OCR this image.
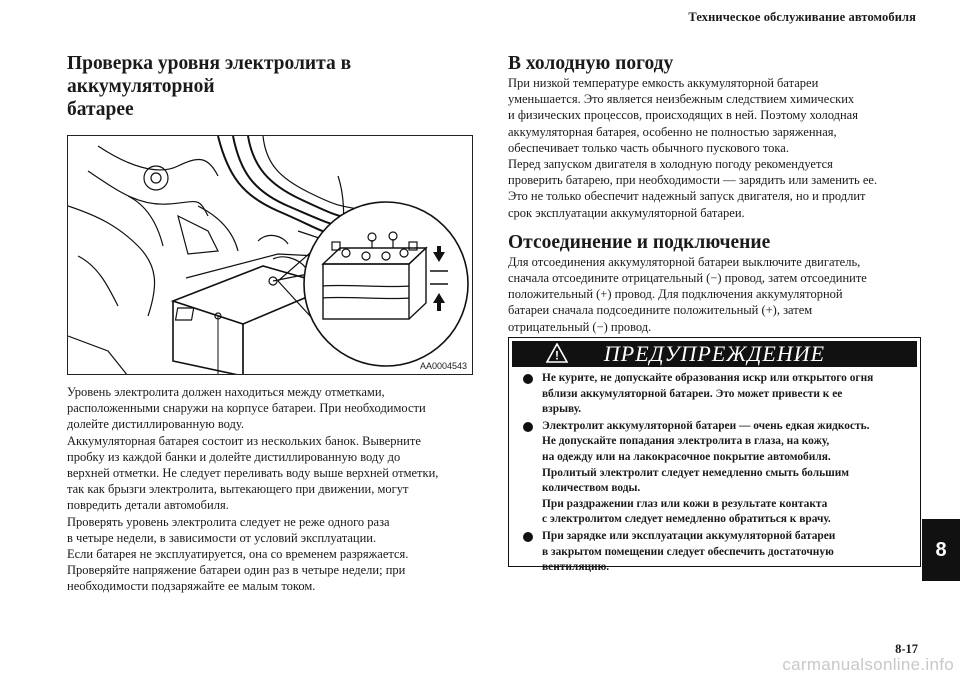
Техническое обслуживание автомобиля
Проверка уровня электролита в аккумуляторной
батарее
AA0004543

Уровень электролита должен находиться между отметками,
расположенными снаружи на корпусе батареи. При необходимости
долейте дистиллированную воду.
Аккумуляторная батарея состоит из нескольких банок. Выверните
пробку из каждой банки и долейте дистиллированную воду до
верхней отметки. Не следует переливать воду выше верхней отметки,
так как брызги электролита, вытекающего при движении, могут
повредить детали автомобиля.
Проверять уровень электролита следует не реже одного раза
в четыре недели, в зависимости от условий эксплуатации.
Если батарея не эксплуатируется, она со временем разряжается.
Проверяйте напряжение батареи один раз в четыре недели; при
необходимости подзаряжайте ее малым током.

В холодную погоду

При низкой температуре емкость аккумуляторной батареи
уменьшается. Это является неизбежным следствием химических
и физических процессов, происходящих в ней. Поэтому холодная
аккумуляторная батарея, особенно не полностью заряженная,
обеспечивает только часть обычного пускового тока.
Перед запуском двигателя в холодную погоду рекомендуется
проверить батарею, при необходимости — зарядить или заменить ее.
Это не только обеспечит надежный запуск двигателя, но и продлит
срок эксплуатации аккумуляторной батареи.

Отсоединение и подключение

Для отсоединения аккумуляторной батареи выключите двигатель,
сначала отсоедините отрицательный (−) провод, затем отсоедините
положительный (+) провод. Для подключения аккумуляторной
батареи сначала подсоедините положительный (+), затем
отрицательный (−) провод.

! ПРЕДУПРЕЖДЕНИЕ
Не курите, не допускайте образования искр или открытого огня
вблизи аккумуляторной батареи. Это может привести к ее
взрыву.
Электролит аккумуляторной батареи — очень едкая жидкость.
Не допускайте попадания электролита в глаза, на кожу,
на одежду или на лакокрасочное покрытие автомобиля.
Пролитый электролит следует немедленно смыть большим
количеством воды.
При раздражении глаз или кожи в результате контакта
с электролитом следует немедленно обратиться к врачу.
При зарядке или эксплуатации аккумуляторной батареи
в закрытом помещении следует обеспечить достаточную
вентиляцию.
8
8-17
carmanualsonline.info
